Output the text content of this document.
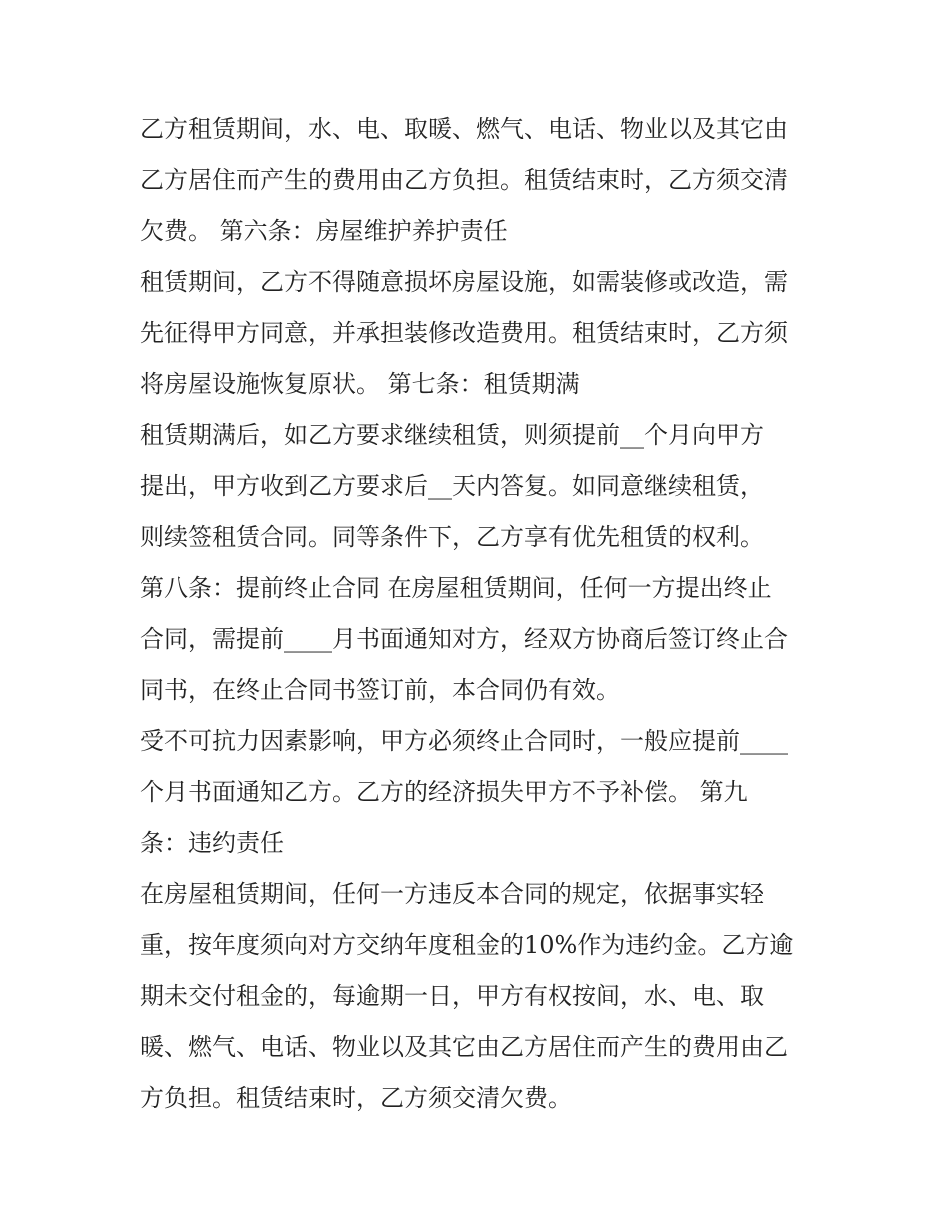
乙方租赁期间，水、电、取暖、燃气、电话、物业以及其它由
乙方居住而产生的费用由乙方负担。租赁结束时，乙方须交清
欠费。 第六条：房屋维护养护责任
租赁期间，乙方不得随意损坏房屋设施，如需装修或改造，需
先征得甲方同意，并承担装修改造费用。租赁结束时，乙方须
将房屋设施恢复原状。 第七条：租赁期满
租赁期满后，如乙方要求继续租赁，则须提前__个月向甲方
提出，甲方收到乙方要求后__天内答复。如同意继续租赁，
则续签租赁合同。同等条件下，乙方享有优先租赁的权利。
第八条：提前终止合同 在房屋租赁期间，任何一方提出终止
合同，需提前____月书面通知对方，经双方协商后签订终止合
同书，在终止合同书签订前，本合同仍有效。
受不可抗力因素影响，甲方必须终止合同时，一般应提前____
个月书面通知乙方。乙方的经济损失甲方不予补偿。 第九
条：违约责任
在房屋租赁期间，任何一方违反本合同的规定，依据事实轻
重，按年度须向对方交纳年度租金的10%作为违约金。乙方逾
期未交付租金的，每逾期一日，甲方有权按间，水、电、取
暖、燃气、电话、物业以及其它由乙方居住而产生的费用由乙
方负担。租赁结束时，乙方须交清欠费。
